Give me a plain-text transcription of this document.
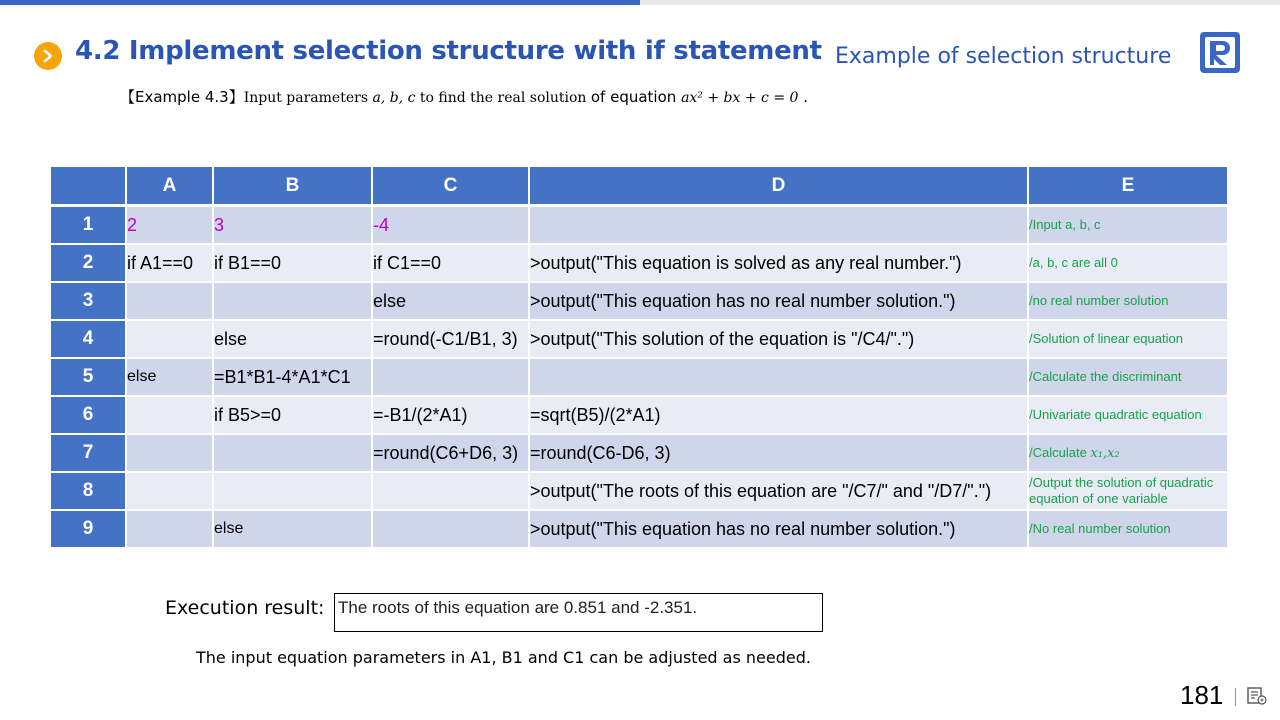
4.2 Implement selection structure with if statement Example of selection structure
【Example 4.3】Input parameters a, b, c to find the real solution of equation ax² + bx + c = 0 .
	A	B	C	D	E
1	2	3	-4		/Input a, b, c
2	if A1==0	if B1==0	if C1==0	>output("This equation is solved as any real number.")	/a, b, c are all 0
3			else	>output("This equation has no real number solution.")	/no real number solution
4		else	=round(-C1/B1, 3)	>output("This solution of the equation is "/C4/".")	/Solution of linear equation
5	else	=B1*B1-4*A1*C1			/Calculate the discriminant
6		if B5>=0	=-B1/(2*A1)	=sqrt(B5)/(2*A1)	/Univariate quadratic equation
7			=round(C6+D6, 3)	=round(C6-D6, 3)	/Calculate x₁,x₂
8				>output("The roots of this equation are "/C7/" and "/D7/".")	/Output the solution of quadratic equation of one variable
9		else		>output("This equation has no real number solution.")	/No real number solution
Execution result: The roots of this equation are 0.851 and -2.351.
The input equation parameters in A1, B1 and C1 can be adjusted as needed.
181
